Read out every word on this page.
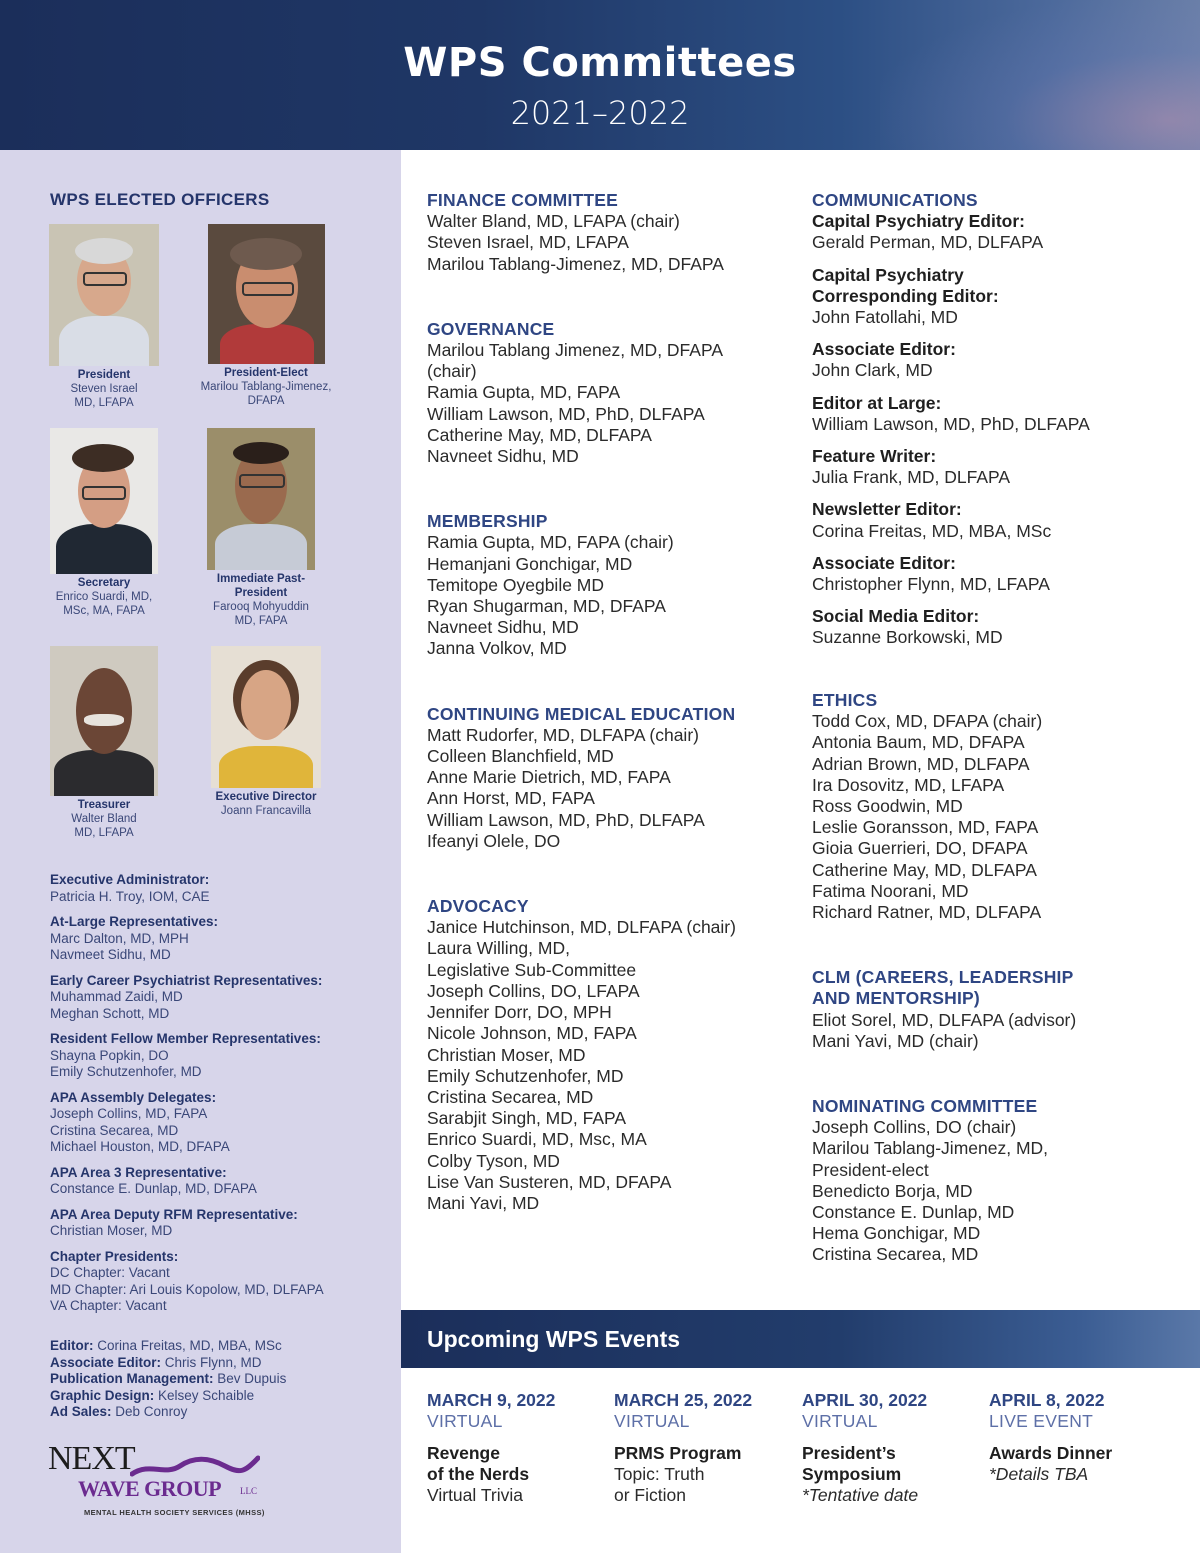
WPS Committees
2021–2022
WPS ELECTED OFFICERS
President
Steven Israel
MD, LFAPA
President-Elect
Marilou Tablang-Jimenez,
DFAPA
Secretary
Enrico Suardi, MD,
MSc, MA, FAPA
Immediate Past-
President
Farooq Mohyuddin
MD, FAPA
Treasurer
Walter Bland
MD, LFAPA
Executive Director
Joann Francavilla
Executive Administrator:
Patricia H. Troy, IOM, CAE
At-Large Representatives:
Marc Dalton, MD, MPH
Navmeet Sidhu, MD
Early Career Psychiatrist Representatives:
Muhammad Zaidi, MD
Meghan Schott, MD
Resident Fellow Member Representatives:
Shayna Popkin, DO
Emily Schutzenhofer, MD
APA Assembly Delegates:
Joseph Collins, MD, FAPA
Cristina Secarea, MD
Michael Houston, MD, DFAPA
APA Area 3 Representative:
Constance E. Dunlap, MD, DFAPA
APA Area Deputy RFM Representative:
Christian Moser, MD
Chapter Presidents:
DC Chapter: Vacant
MD Chapter: Ari Louis Kopolow, MD, DLFAPA
VA Chapter: Vacant
Editor: Corina Freitas, MD, MBA, MSc
Associate Editor: Chris Flynn, MD
Publication Management: Bev Dupuis
Graphic Design: Kelsey Schaible
Ad Sales: Deb Conroy
NEXT
WAVE GROUP LLC
MENTAL HEALTH SOCIETY SERVICES (MHSS)
FINANCE COMMITTEE
Walter Bland, MD, LFAPA (chair)
Steven Israel, MD, LFAPA
Marilou Tablang-Jimenez, MD, DFAPA
GOVERNANCE
Marilou Tablang Jimenez, MD, DFAPA
(chair)
Ramia Gupta, MD, FAPA
William Lawson, MD, PhD, DLFAPA
Catherine May, MD, DLFAPA
Navneet Sidhu, MD
MEMBERSHIP
Ramia Gupta, MD, FAPA (chair)
Hemanjani Gonchigar, MD
Temitope Oyegbile MD
Ryan Shugarman, MD, DFAPA
Navneet Sidhu, MD
Janna Volkov, MD
CONTINUING MEDICAL EDUCATION
Matt Rudorfer, MD, DLFAPA (chair)
Colleen Blanchfield, MD
Anne Marie Dietrich, MD, FAPA
Ann Horst, MD, FAPA
William Lawson, MD, PhD, DLFAPA
Ifeanyi Olele, DO
ADVOCACY
Janice Hutchinson, MD, DLFAPA (chair)
Laura Willing, MD,
Legislative Sub-Committee
Joseph Collins, DO, LFAPA
Jennifer Dorr, DO, MPH
Nicole Johnson, MD, FAPA
Christian Moser, MD
Emily Schutzenhofer, MD
Cristina Secarea, MD
Sarabjit Singh, MD, FAPA
Enrico Suardi, MD, Msc, MA
Colby Tyson, MD
Lise Van Susteren, MD, DFAPA
Mani Yavi, MD
COMMUNICATIONS
Capital Psychiatry Editor:
Gerald Perman, MD, DLFAPA
Capital Psychiatry
Corresponding Editor:
John Fatollahi, MD
Associate Editor:
John Clark, MD
Editor at Large:
William Lawson, MD, PhD, DLFAPA
Feature Writer:
Julia Frank, MD, DLFAPA
Newsletter Editor:
Corina Freitas, MD, MBA, MSc
Associate Editor:
Christopher Flynn, MD, LFAPA
Social Media Editor:
Suzanne Borkowski, MD
ETHICS
Todd Cox, MD, DFAPA (chair)
Antonia Baum, MD, DFAPA
Adrian Brown, MD, DLFAPA
Ira Dosovitz, MD, LFAPA
Ross Goodwin, MD
Leslie Goransson, MD, FAPA
Gioia Guerrieri, DO, DFAPA
Catherine May, MD, DLFAPA
Fatima Noorani, MD
Richard Ratner, MD, DLFAPA
CLM (CAREERS, LEADERSHIP
AND MENTORSHIP)
Eliot Sorel, MD, DLFAPA (advisor)
Mani Yavi, MD (chair)
NOMINATING COMMITTEE
Joseph Collins, DO (chair)
Marilou Tablang-Jimenez, MD,
President-elect
Benedicto Borja, MD
Constance E. Dunlap, MD
Hema Gonchigar, MD
Cristina Secarea, MD
Upcoming WPS Events
MARCH 9, 2022
VIRTUAL
Revenge
of the Nerds
Virtual Trivia
MARCH 25, 2022
VIRTUAL
PRMS Program
Topic: Truth
or Fiction
APRIL 30, 2022
VIRTUAL
President’s
Symposium
*Tentative date
APRIL 8, 2022
LIVE EVENT
Awards Dinner
*Details TBA
